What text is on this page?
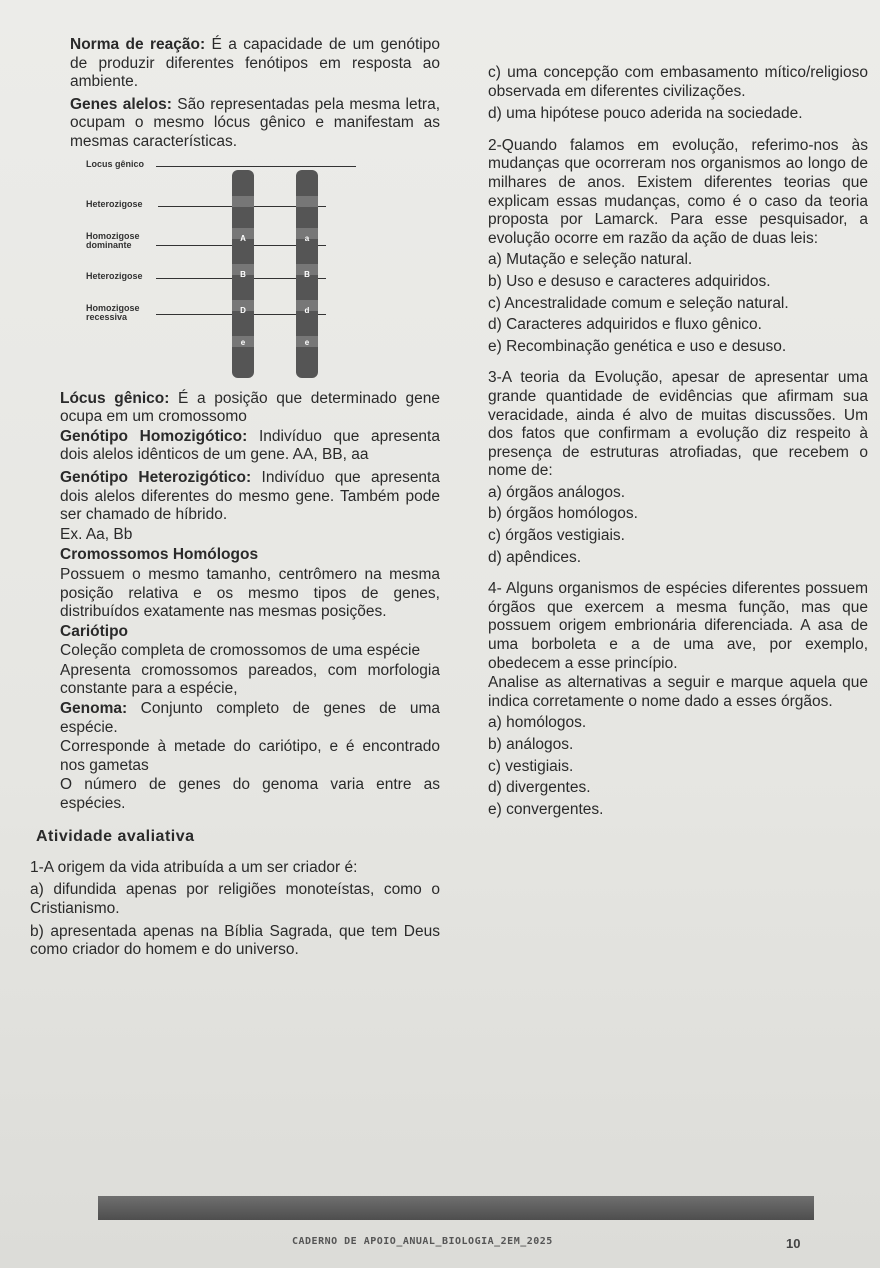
Norma de reação: É a capacidade de um genótipo de produzir diferentes fenótipos em resposta ao ambiente.
Genes alelos: São representadas pela mesma letra, ocupam o mesmo lócus gênico e manifestam as mesmas características.
Locus gênico
Heterozigose
Homozigose
dominante
Heterozigose
Homozigose
recessiva
A
B
D
e
a
B
d
e
Lócus gênico: É a posição que determinado gene ocupa em um cromossomo
Genótipo Homozigótico: Indivíduo que apresenta dois alelos idênticos de um gene. AA, BB, aa
Genótipo Heterozigótico: Indivíduo que apresenta dois alelos diferentes do mesmo gene. Também pode ser chamado de híbrido.
Ex. Aa, Bb
Cromossomos Homólogos
Possuem o mesmo tamanho, centrômero na mesma posição relativa e os mesmo tipos de genes, distribuídos exatamente nas mesmas posições.
Cariótipo
Coleção completa de cromossomos de uma espécie
Apresenta cromossomos pareados, com morfologia constante para a espécie,
Genoma: Conjunto completo de genes de uma espécie.
Corresponde à metade do cariótipo, e é encontrado nos gametas
O número de genes do genoma varia entre as espécies.
Atividade avaliativa
1-A origem da vida atribuída a um ser criador é:
a) difundida apenas por religiões monoteístas, como o Cristianismo.
b) apresentada apenas na Bíblia Sagrada, que tem Deus como criador do homem e do universo.
c) uma concepção com embasamento mítico/religioso observada em diferentes civilizações.
d) uma hipótese pouco aderida na sociedade.
2-Quando falamos em evolução, referimo-nos às mudanças que ocorreram nos organismos ao longo de milhares de anos. Existem diferentes teorias que explicam essas mudanças, como é o caso da teoria proposta por Lamarck. Para esse pesquisador, a evolução ocorre em razão da ação de duas leis:
a) Mutação e seleção natural.
b) Uso e desuso e caracteres adquiridos.
c) Ancestralidade comum e seleção natural.
d) Caracteres adquiridos e fluxo gênico.
e) Recombinação genética e uso e desuso.
3-A teoria da Evolução, apesar de apresentar uma grande quantidade de evidências que afirmam sua veracidade, ainda é alvo de muitas discussões. Um dos fatos que confirmam a evolução diz respeito à presença de estruturas atrofiadas, que recebem o nome de:
a) órgãos análogos.
b) órgãos homólogos.
c) órgãos vestigiais.
d) apêndices.
4- Alguns organismos de espécies diferentes possuem órgãos que exercem a mesma função, mas que possuem origem embrionária diferenciada. A asa de uma borboleta e a de uma ave, por exemplo, obedecem a esse princípio.
Analise as alternativas a seguir e marque aquela que indica corretamente o nome dado a esses órgãos.
a) homólogos.
b) análogos.
c) vestigiais.
d) divergentes.
e) convergentes.
CADERNO DE APOIO_ANUAL_BIOLOGIA_2EM_2025	10
